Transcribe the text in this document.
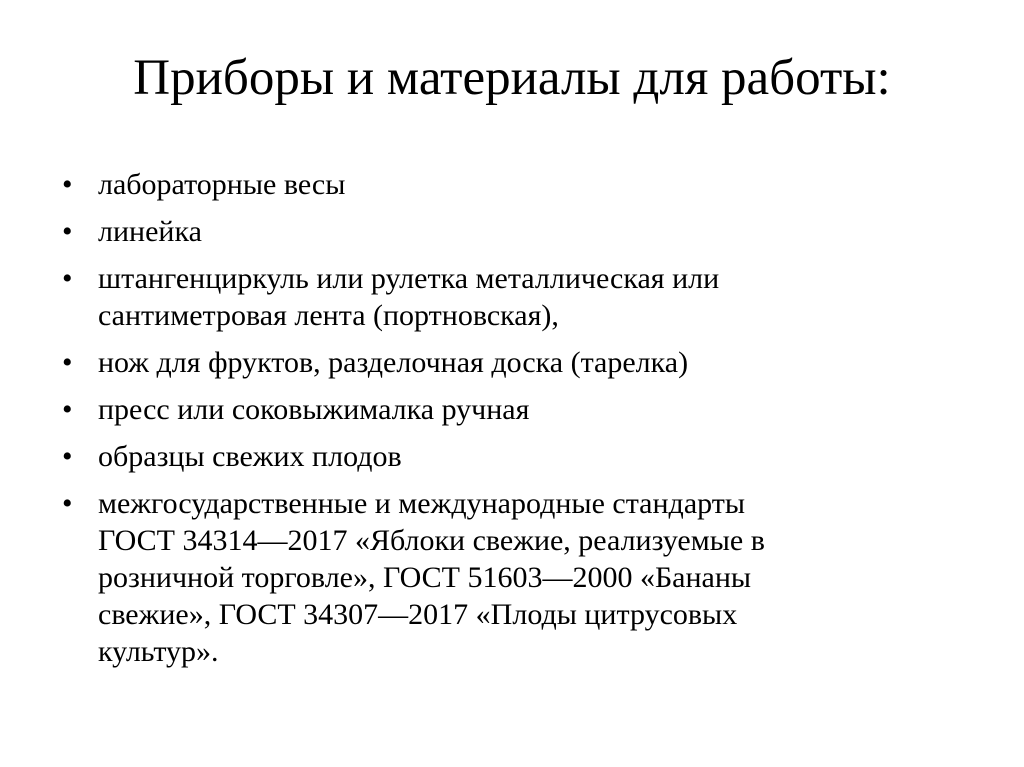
Приборы и материалы для работы:
• лабораторные весы
• линейка
• штангенциркуль или рулетка металлическая или
сантиметровая лента (портновская),
• нож для фруктов, разделочная доска (тарелка)
• пресс или соковыжималка ручная
• образцы свежих плодов
• межгосударственные и международные стандарты
ГОСТ 34314—2017 «Яблоки свежие, реализуемые в
розничной торговле», ГОСТ 51603—2000 «Бананы
свежие», ГОСТ 34307—2017 «Плоды цитрусовых
культур».
